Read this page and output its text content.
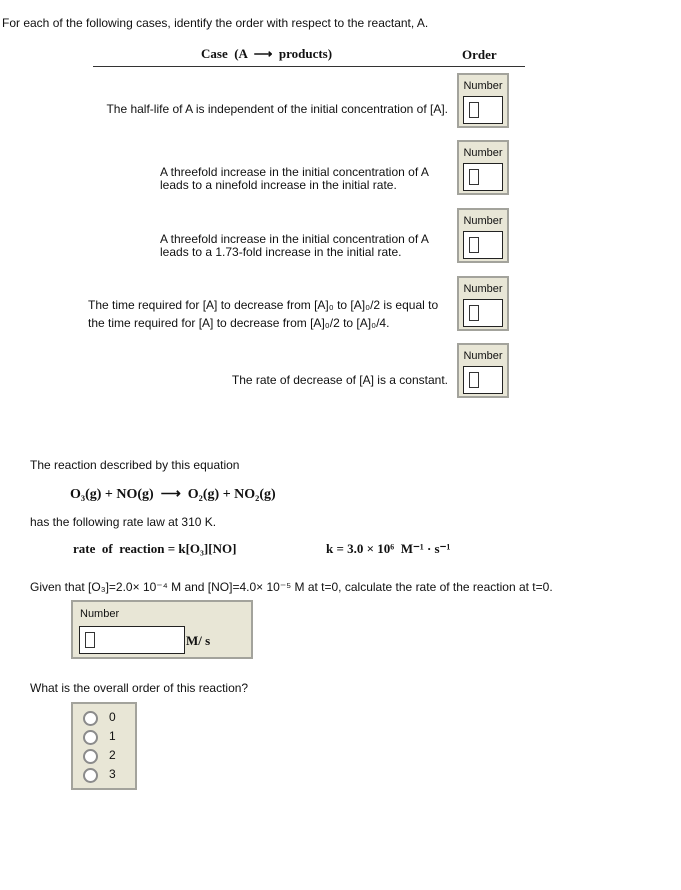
For each of the following cases, identify the order with respect to the reactant, A.
Case (A  ⟶  products)	Order
The half-life of A is independent of the initial concentration of [A].
A threefold increase in the initial concentration of A leads to a ninefold increase in the initial rate.
A threefold increase in the initial concentration of A leads to a 1.73-fold increase in the initial rate.
The time required for [A] to decrease from [A]₀ to [A]₀/2 is equal to the time required for [A] to decrease from [A]₀/2 to [A]₀/4.
The rate of decrease of [A] is a constant.
Number
Number
Number
Number
Number
The reaction described by this equation
O₃(g) + NO(g)  ⟶  O₂(g) + NO₂(g)
has the following rate law at 310 K.
rate  of  reaction = k[O₃][NO]	k = 3.0 × 10⁶  M⁻¹ · s⁻¹
Given that [O₃]=2.0× 10⁻⁴ M and [NO]=4.0× 10⁻⁵ M at t=0, calculate the rate of the reaction at t=0.
Number
M/ s
What is the overall order of this reaction?
0
1
2
3
